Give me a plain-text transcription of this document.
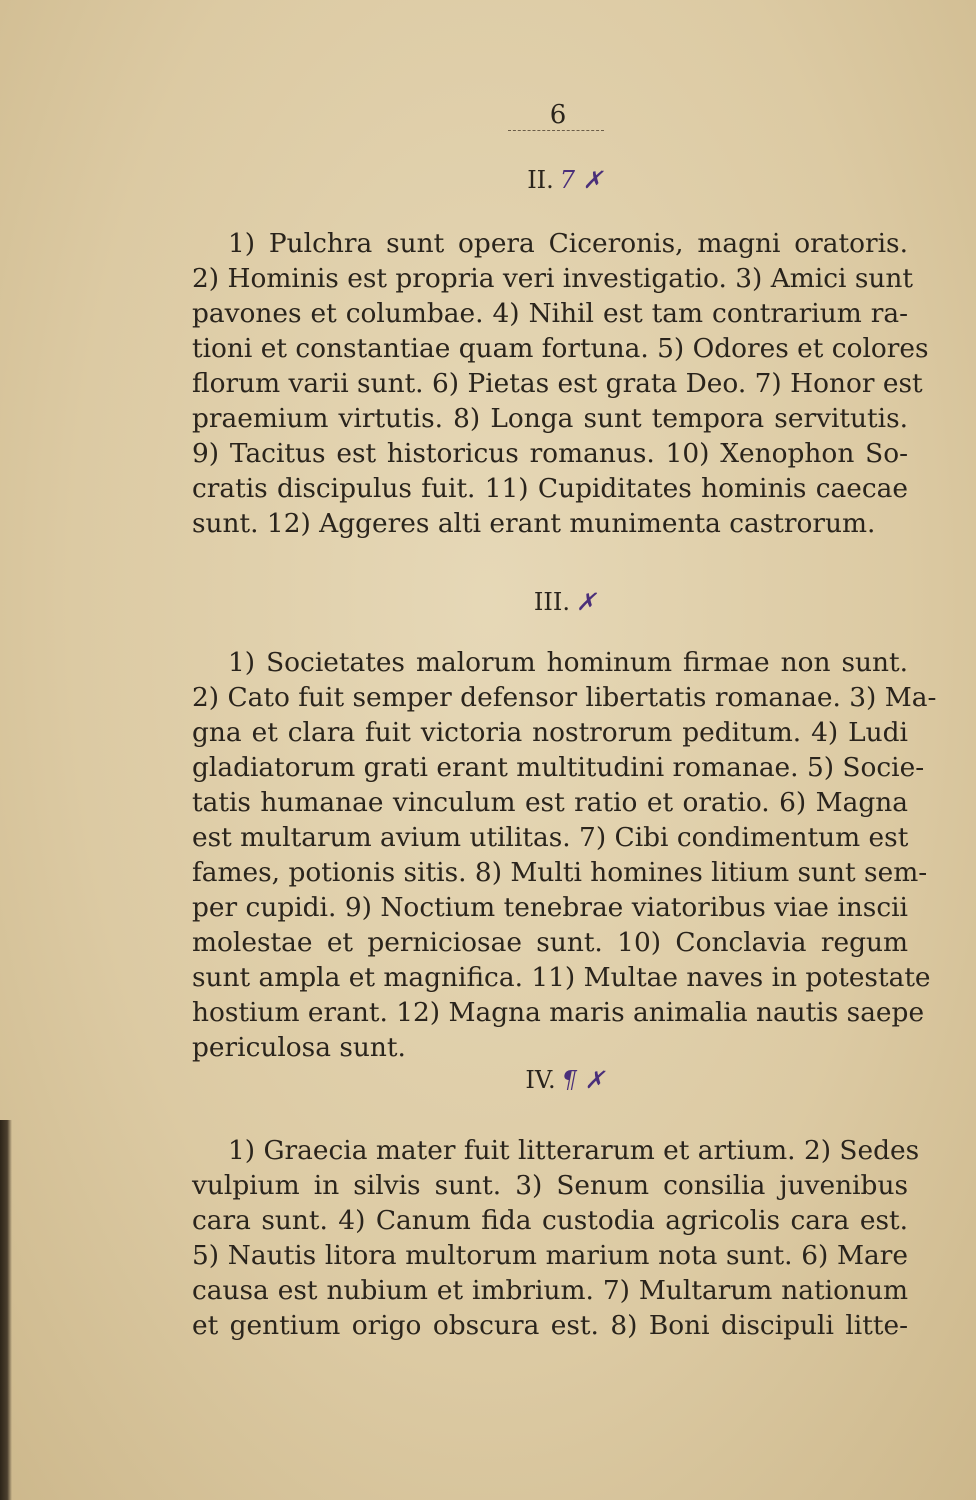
6
II. 7 ✗
1) Pulchra sunt opera Ciceronis, magni oratoris.
2) Hominis est propria veri investigatio. 3) Amici sunt
pavones et columbae. 4) Nihil est tam contrarium ra-
tioni et constantiae quam fortuna. 5) Odores et colores
florum varii sunt. 6) Pietas est grata Deo. 7) Honor est
praemium virtutis. 8) Longa sunt tempora servitutis.
9) Tacitus est historicus romanus. 10) Xenophon So-
cratis discipulus fuit. 11) Cupiditates hominis caecae
sunt. 12) Aggeres alti erant munimenta castrorum.
III. ✗
1) Societates malorum hominum firmae non sunt.
2) Cato fuit semper defensor libertatis romanae. 3) Ma-
gna et clara fuit victoria nostrorum peditum. 4) Ludi
gladiatorum grati erant multitudini romanae. 5) Socie-
tatis humanae vinculum est ratio et oratio. 6) Magna
est multarum avium utilitas. 7) Cibi condimentum est
fames, potionis sitis. 8) Multi homines litium sunt sem-
per cupidi. 9) Noctium tenebrae viatoribus viae inscii
molestae et perniciosae sunt. 10) Conclavia regum
sunt ampla et magnifica. 11) Multae naves in potestate
hostium erant. 12) Magna maris animalia nautis saepe
periculosa sunt.
IV. ¶ ✗
1) Graecia mater fuit litterarum et artium. 2) Sedes
vulpium in silvis sunt. 3) Senum consilia juvenibus
cara sunt. 4) Canum fida custodia agricolis cara est.
5) Nautis litora multorum marium nota sunt. 6) Mare
causa est nubium et imbrium. 7) Multarum nationum
et gentium origo obscura est. 8) Boni discipuli litte-
